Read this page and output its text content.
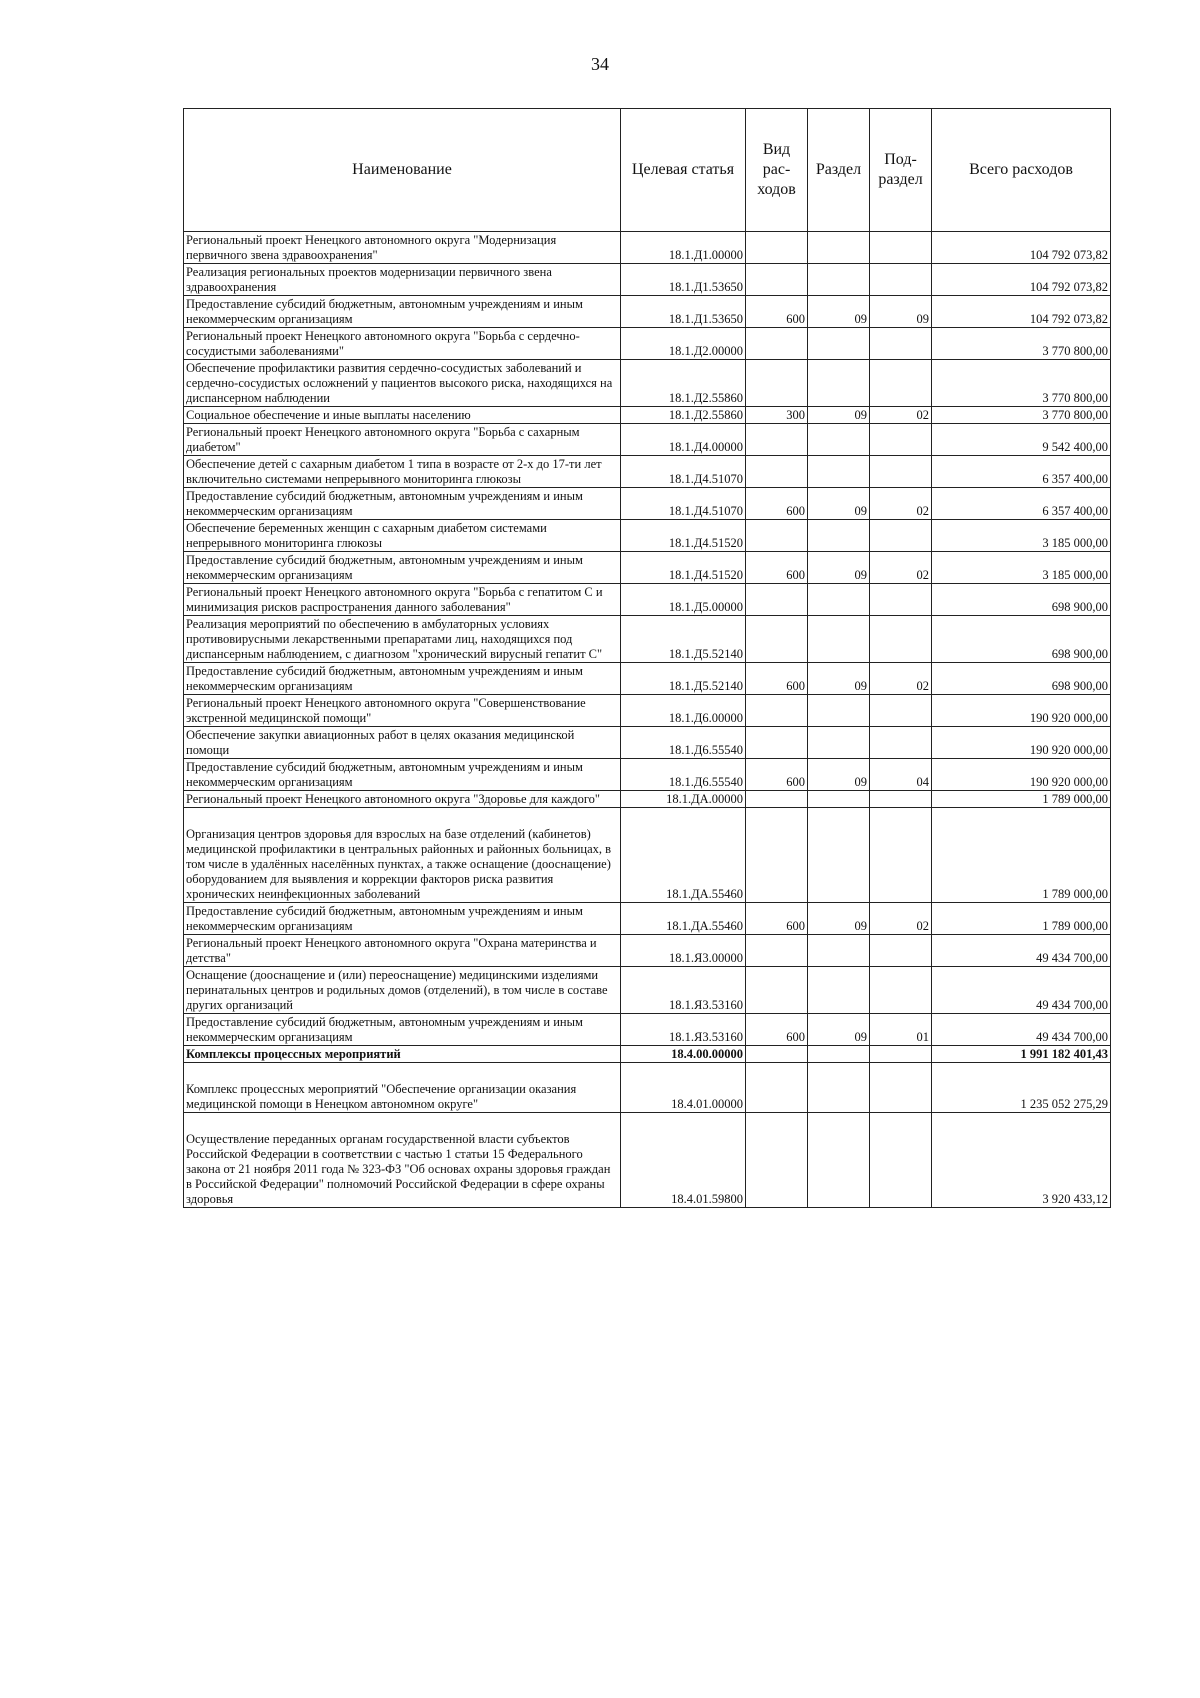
34
Наименование	Целевая статья	Вид рас-ходов	Раздел	Под-раздел	Всего расходов
Региональный проект Ненецкого автономного округа "Модернизация первичного звена здравоохранения"	18.1.Д1.00000				104 792 073,82
Реализация региональных проектов модернизации первичного звена здравоохранения	18.1.Д1.53650				104 792 073,82
Предоставление субсидий бюджетным, автономным учреждениям и иным некоммерческим организациям	18.1.Д1.53650	600	09	09	104 792 073,82
Региональный проект Ненецкого автономного округа "Борьба с сердечно-сосудистыми заболеваниями"	18.1.Д2.00000				3 770 800,00
Обеспечение профилактики развития сердечно-сосудистых заболеваний и сердечно-сосудистых осложнений у пациентов высокого риска, находящихся на диспансерном наблюдении	18.1.Д2.55860				3 770 800,00
Социальное обеспечение и иные выплаты населению	18.1.Д2.55860	300	09	02	3 770 800,00
Региональный проект Ненецкого автономного округа "Борьба с сахарным диабетом"	18.1.Д4.00000				9 542 400,00
Обеспечение детей с сахарным диабетом 1 типа в возрасте от 2-х до 17-ти лет включительно системами непрерывного мониторинга глюкозы	18.1.Д4.51070				6 357 400,00
Предоставление субсидий бюджетным, автономным учреждениям и иным некоммерческим организациям	18.1.Д4.51070	600	09	02	6 357 400,00
Обеспечение беременных женщин с сахарным диабетом системами непрерывного мониторинга глюкозы	18.1.Д4.51520				3 185 000,00
Предоставление субсидий бюджетным, автономным учреждениям и иным некоммерческим организациям	18.1.Д4.51520	600	09	02	3 185 000,00
Региональный проект Ненецкого автономного округа "Борьба с гепатитом С и минимизация рисков распространения данного заболевания"	18.1.Д5.00000				698 900,00
Реализация мероприятий по обеспечению в амбулаторных условиях противовирусными лекарственными препаратами лиц, находящихся под диспансерным наблюдением, с диагнозом "хронический вирусный гепатит С"	18.1.Д5.52140				698 900,00
Предоставление субсидий бюджетным, автономным учреждениям и иным некоммерческим организациям	18.1.Д5.52140	600	09	02	698 900,00
Региональный проект Ненецкого автономного округа "Совершенствование экстренной медицинской помощи"	18.1.Д6.00000				190 920 000,00
Обеспечение закупки авиационных работ в целях оказания медицинской помощи	18.1.Д6.55540				190 920 000,00
Предоставление субсидий бюджетным, автономным учреждениям и иным некоммерческим организациям	18.1.Д6.55540	600	09	04	190 920 000,00
Региональный проект Ненецкого автономного округа "Здоровье для каждого"	18.1.ДА.00000				1 789 000,00
Организация центров здоровья для взрослых на базе отделений (кабинетов) медицинской профилактики в центральных районных и районных больницах, в том числе в удалённых населённых пунктах, а также оснащение (дооснащение) оборудованием для выявления и коррекции факторов риска развития хронических неинфекционных заболеваний	18.1.ДА.55460				1 789 000,00
Предоставление субсидий бюджетным, автономным учреждениям и иным некоммерческим организациям	18.1.ДА.55460	600	09	02	1 789 000,00
Региональный проект Ненецкого автономного округа "Охрана материнства и детства"	18.1.Я3.00000				49 434 700,00
Оснащение (дооснащение и (или) переоснащение) медицинскими изделиями перинатальных центров и родильных домов (отделений), в том числе в составе других организаций	18.1.Я3.53160				49 434 700,00
Предоставление субсидий бюджетным, автономным учреждениям и иным некоммерческим организациям	18.1.Я3.53160	600	09	01	49 434 700,00
Комплексы процессных мероприятий	18.4.00.00000				1 991 182 401,43
Комплекс процессных мероприятий "Обеспечение организации оказания медицинской помощи в Ненецком автономном округе"	18.4.01.00000				1 235 052 275,29
Осуществление переданных органам государственной власти субъектов Российской Федерации в соответствии с частью 1 статьи 15 Федерального закона от 21 ноября 2011 года № 323-ФЗ "Об основах охраны здоровья граждан в Российской Федерации" полномочий Российской Федерации в сфере охраны здоровья	18.4.01.59800				3 920 433,12
